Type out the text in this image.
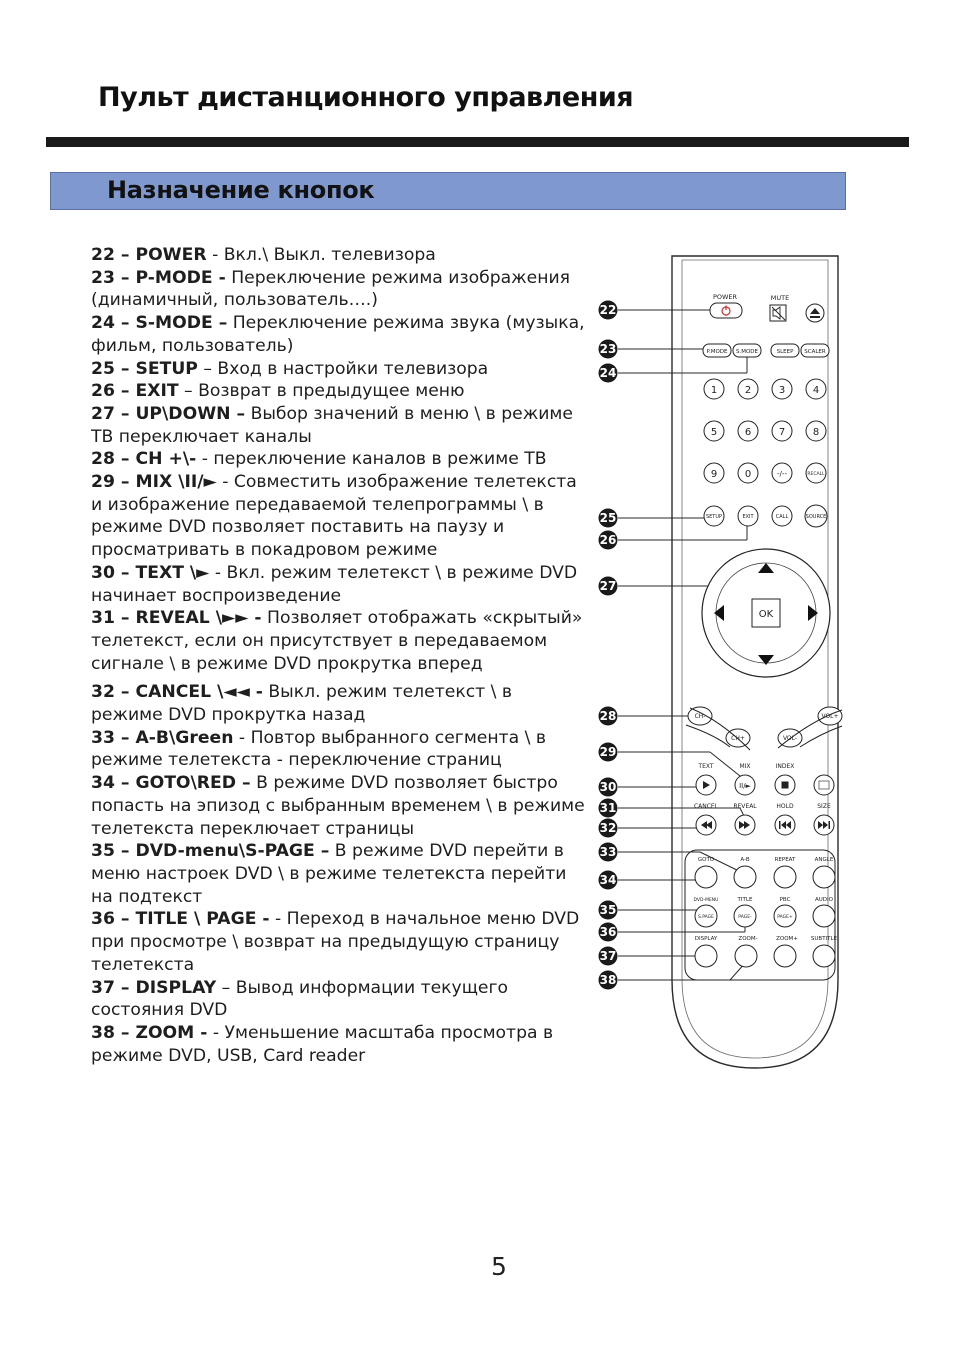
Пульт дистанционного управления
Назначение кнопок

22 – POWER - Вкл.\ Выкл. телевизора

23 – P-MODE - Переключение режима изображения (динамичный, пользователь….)

24 – S-MODE – Переключение режима звука (музыка, фильм, пользователь)

25 – SETUP – Вход в настройки телевизора

26 – EXIT – Возврат в предыдущее меню

27 – UP\DOWN – Выбор значений в меню \ в режиме ТВ переключает каналы

28 – CH +\- - переключение каналов в режиме ТВ

29 – MIX \II/► - Совместить изображение телетекста и изображение передаваемой телепрограммы \ в режиме DVD позволяет поставить на паузу и просматривать в покадровом режиме

30 – TEXT \► - Вкл. режим телетекст \ в режиме DVD начинает воспроизведение

31 – REVEAL \►► - Позволяет отображать «скрытый» телетекст, если он присутствует в передаваемом сигнале \ в режиме DVD прокрутка вперед

32 – CANCEL \◄◄ - Выкл. режим телетекст \ в режиме DVD прокрутка назад

33 – A-B\Green - Повтор выбранного сегмента \ в режиме телетекста - переключение страниц

34 – GOTO\RED – В режиме DVD позволяет быстро попасть на эпизод с выбранным временем \ в режиме телетекста переключает страницы

35 – DVD-menu\S-PAGE – В режиме DVD перейти в меню настроек DVD \ в режиме телетекста перейти на подтекст

36 – TITLE \ PAGE - - Переход в начальное меню DVD при просмотре \ возврат на предыдущую страницу телетекста

37 – DISPLAY – Вывод информации текущего состояния DVD

38 – ZOOM - - Уменьшение масштаба просмотра в режиме DVD, USB, Card reader

22
23
24
25
26
27
28
29
30
31
32
33
34
35
36
37
38
POWER	MUTE
P.MODE S.MODE	SLEEP SCALER
1	2	3	4
5	6	7	8
9	0	-/--	RECALL
SETUP	EXIT	CALL	SOURCE
OK
CH-
CH+
VOL+
VOL-
TEXT	MIX	INDEX
II/►
CANCEL	REVEAL	HOLD	SIZE
GOTO	A-B	REPEAT	ANGLE
DVD-MENU	TITLE	PBC	AUDIO
DISPLAY	ZOOM-	ZOOM+ SUBTITLE
S.PAGE	PAGE-	PAGE+
5
